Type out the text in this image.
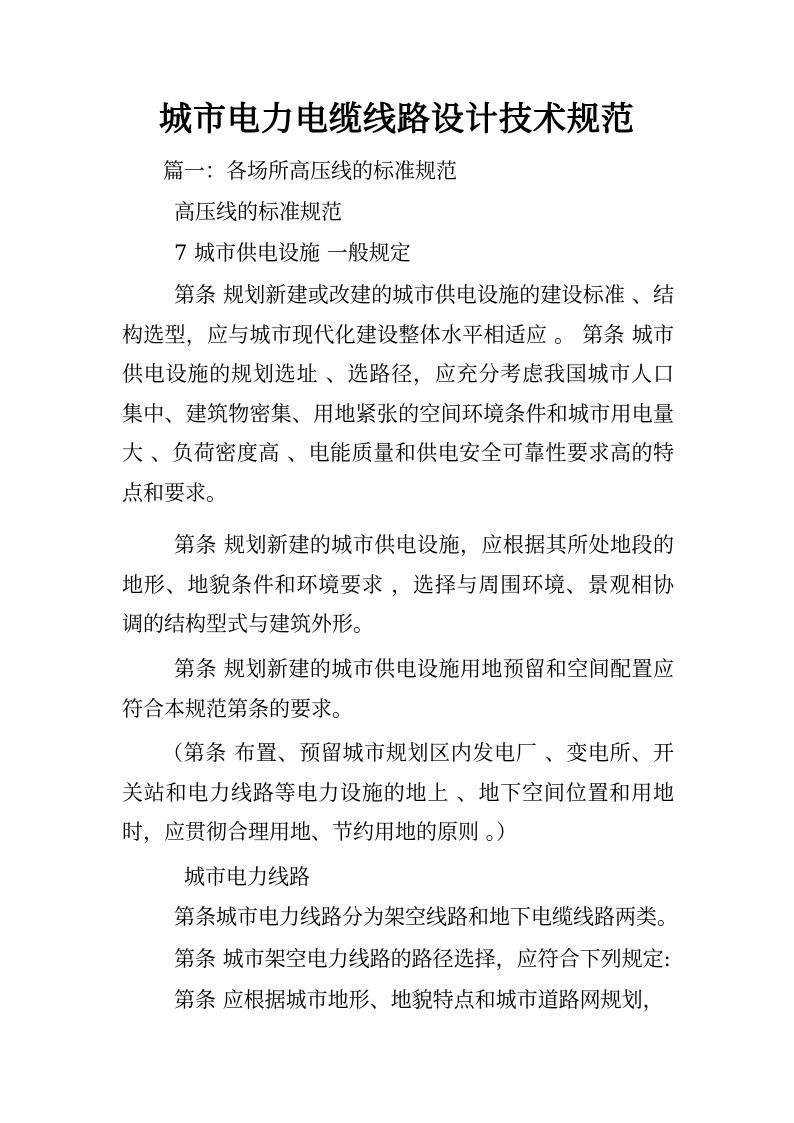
城市电力电缆线路设计技术规范
篇一：各场所高压线的标准规范
高压线的标准规范
7 城市供电设施 一般规定
第条 规划新建或改建的城市供电设施的建设标准 、结构选型，应与城市现代化建设整体水平相适应 。 第条 城市供电设施的规划选址 、选路径，应充分考虑我国城市人口集中、建筑物密集、用地紧张的空间环境条件和城市用电量大 、负荷密度高 、电能质量和供电安全可靠性要求高的特点和要求。
第条 规划新建的城市供电设施，应根据其所处地段的地形、地貌条件和环境要求 ，选择与周围环境、景观相协调的结构型式与建筑外形。
第条 规划新建的城市供电设施用地预留和空间配置应符合本规范第条的要求。
（第条 布置、预留城市规划区内发电厂 、变电所、开关站和电力线路等电力设施的地上 、地下空间位置和用地时，应贯彻合理用地、节约用地的原则 。）
城市电力线路
第条城市电力线路分为架空线路和地下电缆线路两类。
第条 城市架空电力线路的路径选择，应符合下列规定:
第条 应根据城市地形、地貌特点和城市道路网规划，
